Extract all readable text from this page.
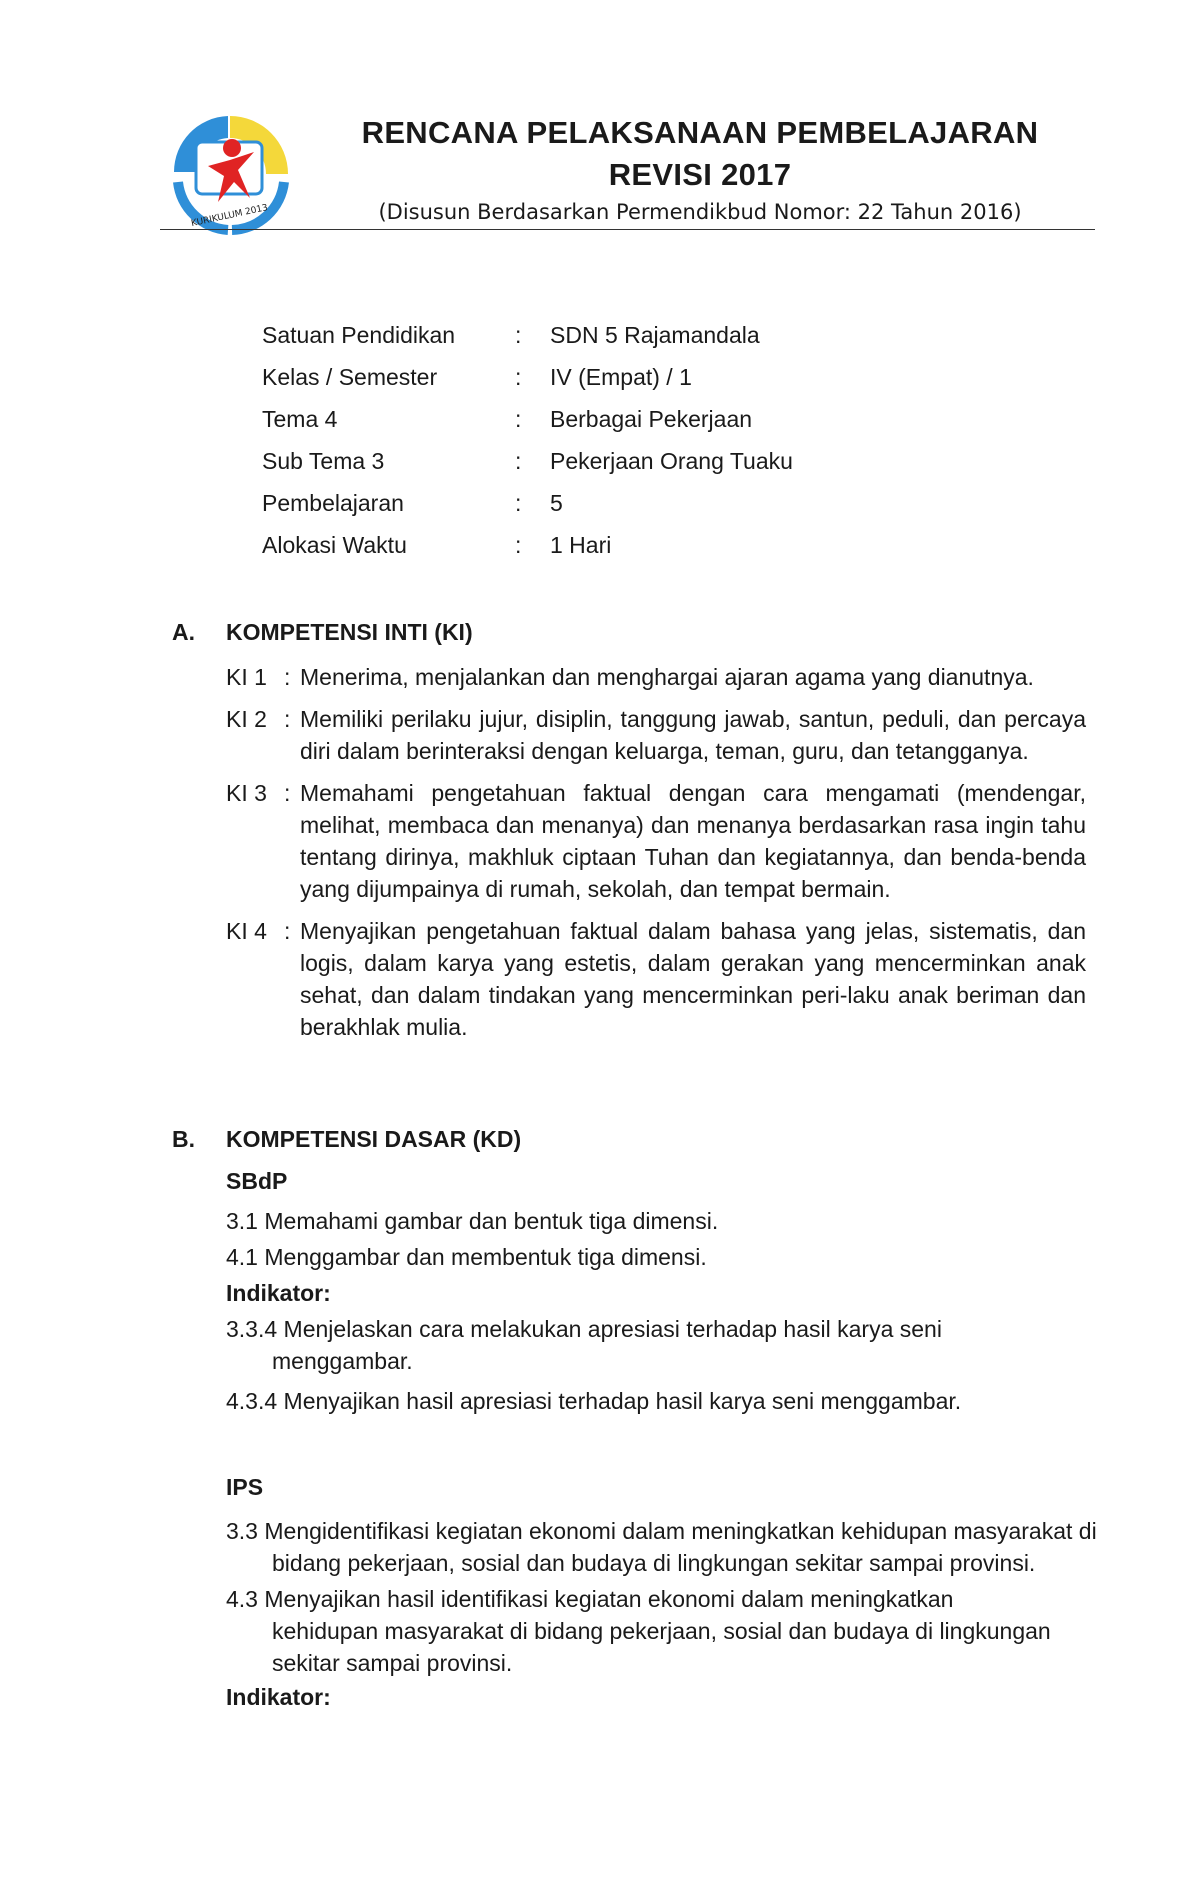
KURIKULUM 2013
RENCANA PELAKSANAAN PEMBELAJARAN
REVISI 2017
(Disusun Berdasarkan Permendikbud Nomor: 22 Tahun 2016)
Satuan Pendidikan	:	SDN 5 Rajamandala
Kelas / Semester	:	IV (Empat) / 1
Tema 4	:	Berbagai Pekerjaan
Sub Tema 3	:	Pekerjaan Orang Tuaku
Pembelajaran	:	5
Alokasi Waktu	:	1 Hari
A. KOMPETENSI INTI (KI)
KI 1 : Menerima, menjalankan dan menghargai ajaran agama yang dianutnya.
KI 2 : Memiliki perilaku jujur, disiplin, tanggung jawab, santun, peduli, dan percaya diri dalam berinteraksi dengan keluarga, teman, guru, dan tetangganya.
KI 3 : Memahami pengetahuan faktual dengan cara mengamati (mendengar, melihat, membaca dan menanya) dan menanya berdasarkan rasa ingin tahu tentang dirinya, makhluk ciptaan Tuhan dan kegiatannya, dan benda-benda yang dijumpainya di rumah, sekolah, dan tempat bermain.
KI 4 : Menyajikan pengetahuan faktual dalam bahasa yang jelas, sistematis, dan logis, dalam karya yang estetis, dalam gerakan yang mencerminkan anak sehat, dan dalam tindakan yang mencerminkan peri-laku anak beriman dan berakhlak mulia.
B. KOMPETENSI DASAR (KD)
SBdP
3.1 Memahami gambar dan bentuk tiga dimensi.
4.1 Menggambar dan membentuk tiga dimensi.
Indikator:
3.3.4 Menjelaskan cara melakukan apresiasi terhadap hasil karya seni menggambar.
4.3.4 Menyajikan hasil apresiasi terhadap hasil karya seni menggambar.
IPS
3.3 Mengidentifikasi kegiatan ekonomi dalam meningkatkan kehidupan masyarakat di bidang pekerjaan, sosial dan budaya di lingkungan sekitar sampai provinsi.
4.3 Menyajikan hasil identifikasi kegiatan ekonomi dalam meningkatkan kehidupan masyarakat di bidang pekerjaan, sosial dan budaya di lingkungan sekitar sampai provinsi.
Indikator:
